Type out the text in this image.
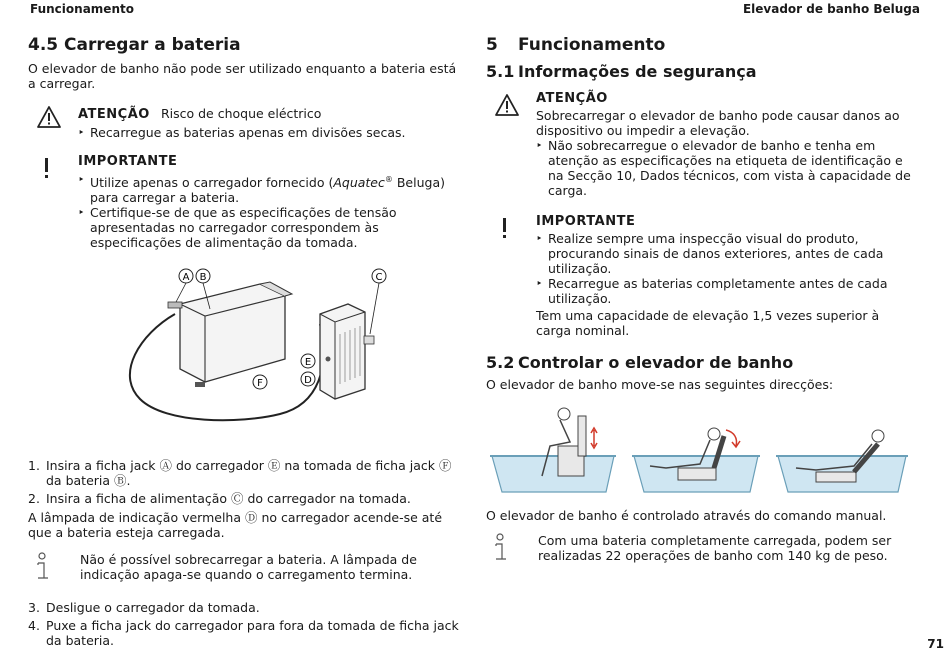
Funcionamento	Elevador de banho Beluga
4.5 Carregar a bateria

O elevador de banho não pode ser utilizado enquanto a bateria está a carregar.

ATENÇÃO Risco de choque eléctrico
‣ Recarregue as baterias apenas em divisões secas.
IMPORTANTE
‣ Utilize apenas o carregador fornecido (Aquatec® Beluga) para carregar a bateria.
‣ Certifique-se de que as especificações de tensão apresentadas no carregador correspondem às especificações de alimentação da tomada.
A B	C
D
E
F
1. Insira a ficha jack Ⓐ do carregador Ⓔ na tomada de ficha jack Ⓕ da bateria Ⓑ.
2. Insira a ficha de alimentação Ⓒ do carregador na tomada.

A lâmpada de indicação vermelha Ⓓ no carregador acende-se até que a bateria esteja carregada.

Não é possível sobrecarregar a bateria. A lâmpada de indicação apaga-se quando o carregamento termina.

3. Desligue o carregador da tomada.
4. Puxe a ficha jack do carregador para fora da tomada de ficha jack da bateria.
5 Funcionamento
5.1 Informações de segurança
ATENÇÃO

Sobrecarregar o elevador de banho pode causar danos ao dispositivo ou impedir a elevação.

‣ Não sobrecarregue o elevador de banho e tenha em atenção as especificações na etiqueta de identificação e na Secção 10, Dados técnicos, com vista à capacidade de carga.
IMPORTANTE
‣ Realize sempre uma inspecção visual do produto, procurando sinais de danos exteriores, antes de cada utilização.
‣ Recarregue as baterias completamente antes de cada utilização.

Tem uma capacidade de elevação 1,5 vezes superior à carga nominal.

5.2 Controlar o elevador de banho

O elevador de banho move-se nas seguintes direcções:

O elevador de banho é controlado através do comando manual.

Com uma bateria completamente carregada, podem ser realizadas 22 operações de banho com 140 kg de peso.

71
